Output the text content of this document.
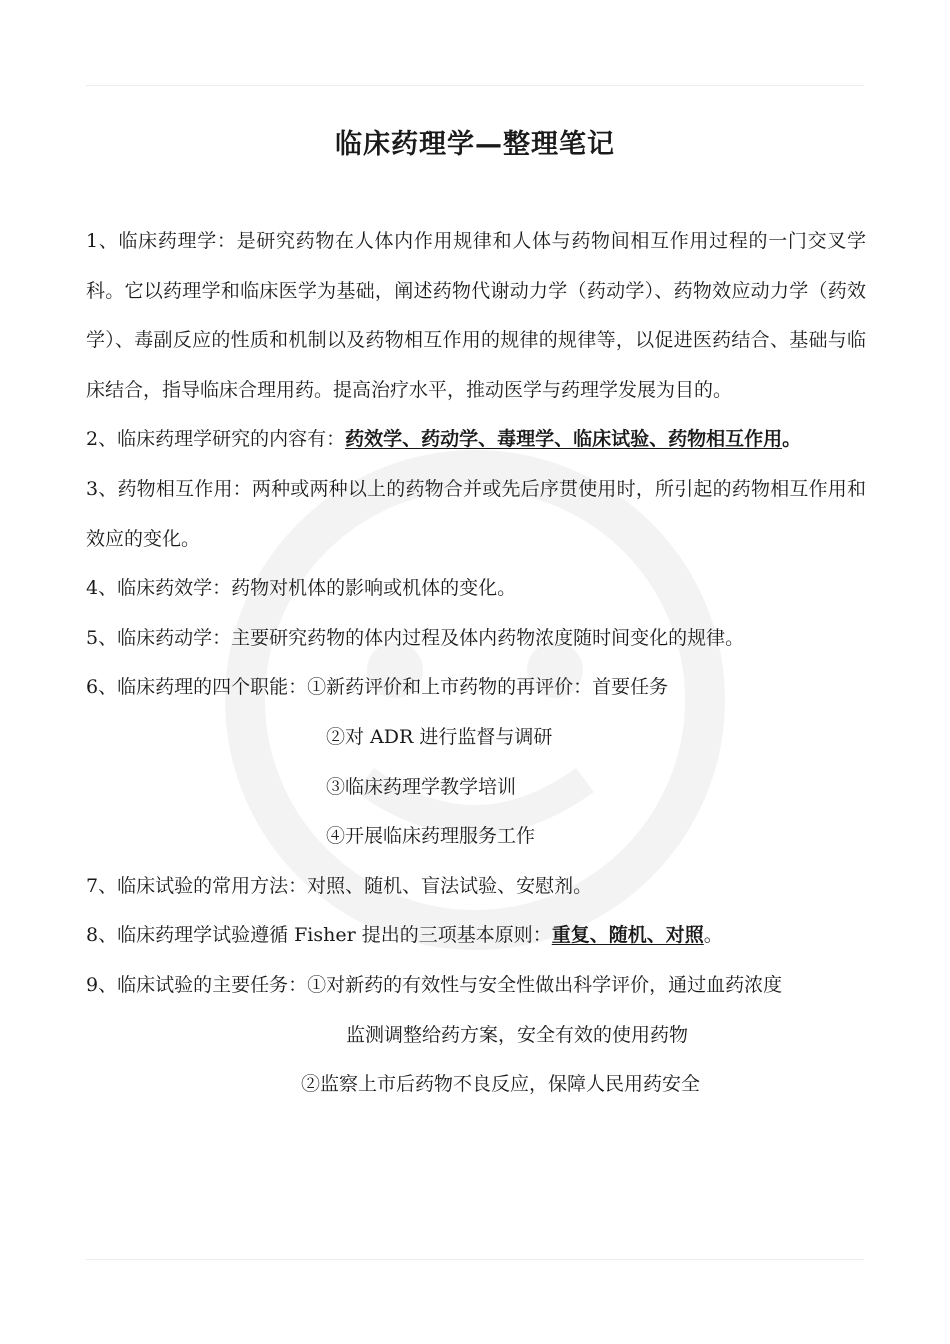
临床药理学—整理笔记

1、临床药理学：是研究药物在人体内作用规律和人体与药物间相互作用过程的一门交叉学科。它以药理学和临床医学为基础，阐述药物代谢动力学（药动学）、药物效应动力学（药效学）、毒副反应的性质和机制以及药物相互作用的规律的规律等，以促进医药结合、基础与临床结合，指导临床合理用药。提高治疗水平，推动医学与药理学发展为目的。

2、临床药理学研究的内容有：药效学、药动学、毒理学、临床试验、药物相互作用。

3、药物相互作用：两种或两种以上的药物合并或先后序贯使用时，所引起的药物相互作用和效应的变化。

4、临床药效学：药物对机体的影响或机体的变化。

5、临床药动学：主要研究药物的体内过程及体内药物浓度随时间变化的规律。

6、临床药理的四个职能：①新药评价和上市药物的再评价：首要任务
②对 ADR 进行监督与调研
③临床药理学教学培训
④开展临床药理服务工作

7、临床试验的常用方法：对照、随机、盲法试验、安慰剂。

8、临床药理学试验遵循 Fisher 提出的三项基本原则：重复、随机、对照。

9、临床试验的主要任务：①对新药的有效性与安全性做出科学评价，通过血药浓度
监测调整给药方案，安全有效的使用药物
②监察上市后药物不良反应，保障人民用药安全
